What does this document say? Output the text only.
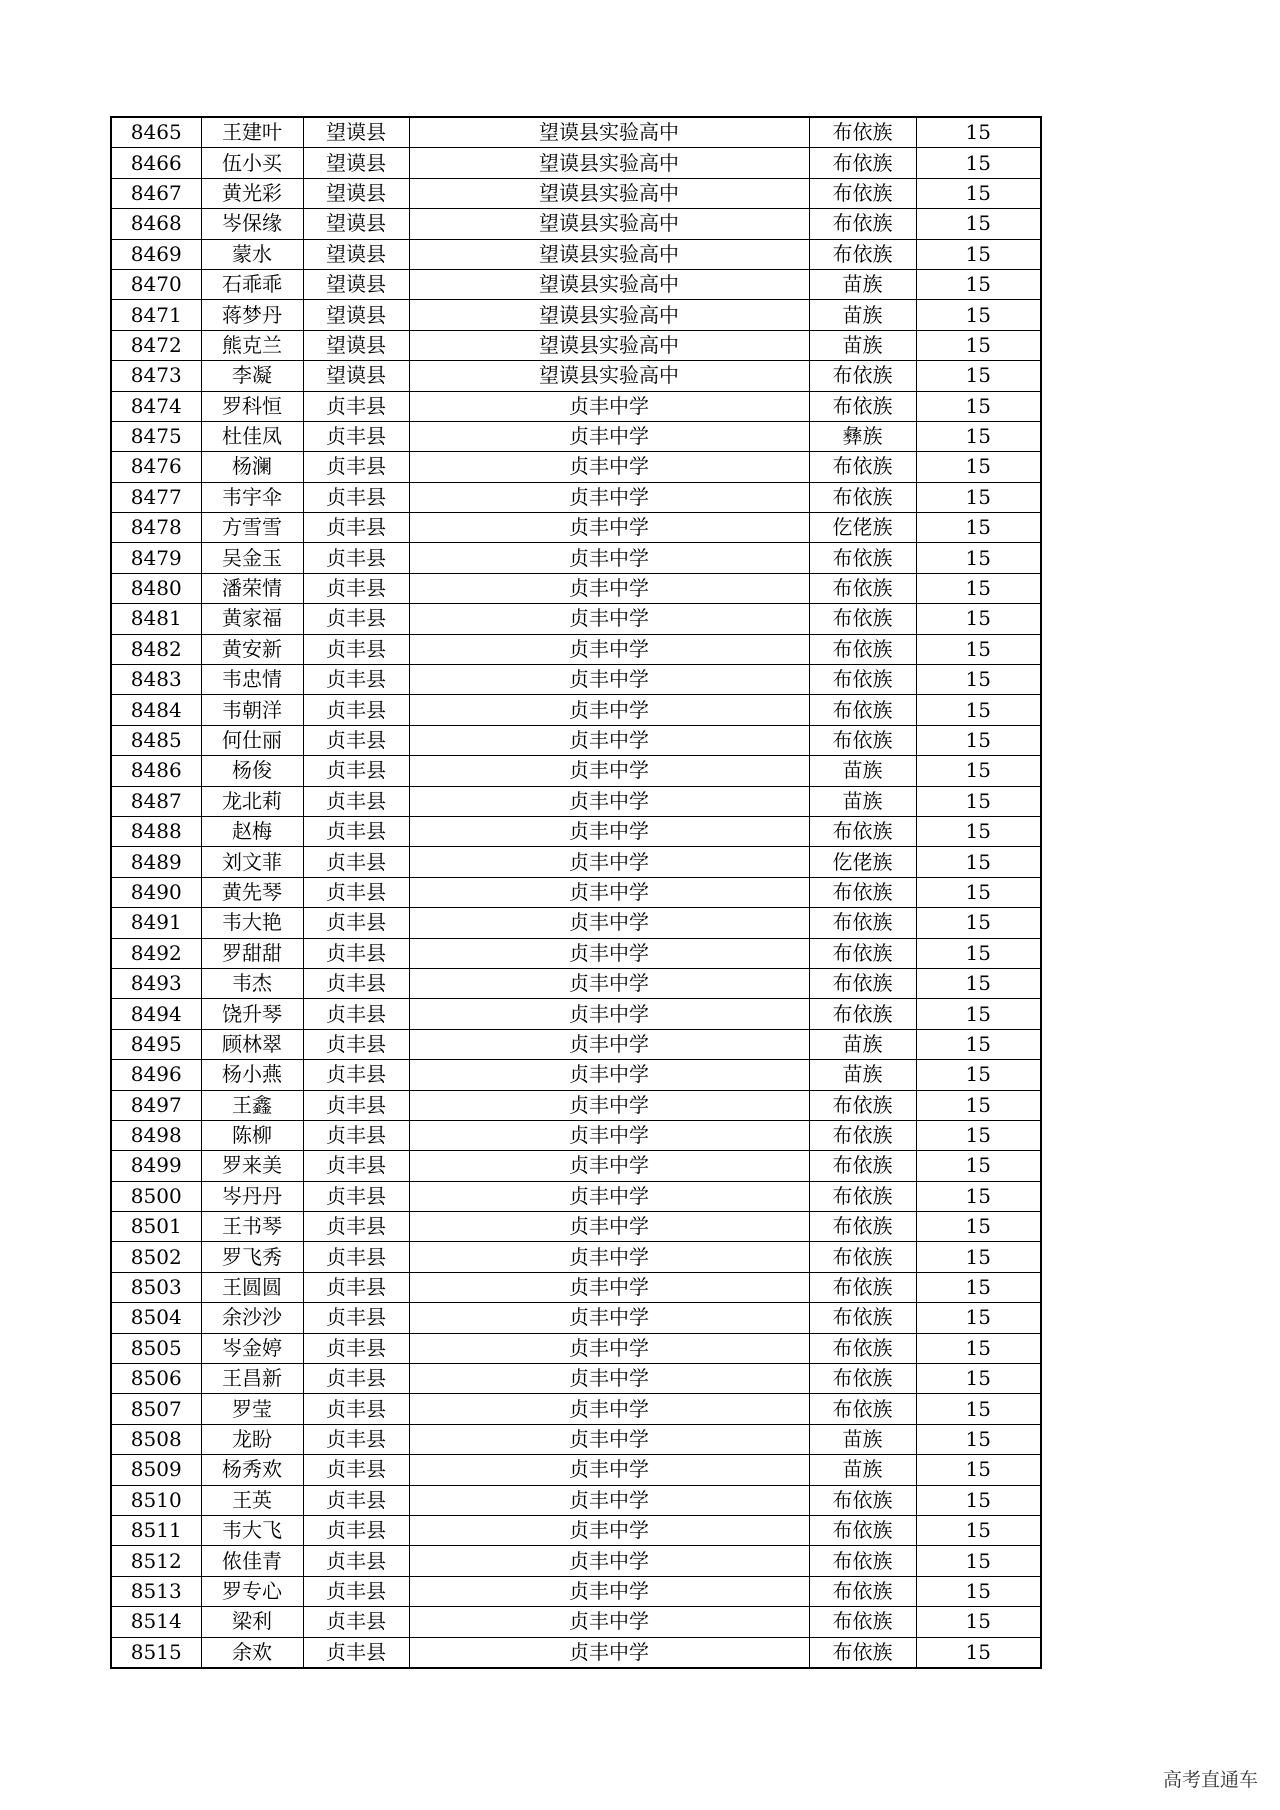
8465	王建叶	望谟县	望谟县实验高中	布依族	15
8466	伍小买	望谟县	望谟县实验高中	布依族	15
8467	黄光彩	望谟县	望谟县实验高中	布依族	15
8468	岑保缘	望谟县	望谟县实验高中	布依族	15
8469	蒙水	望谟县	望谟县实验高中	布依族	15
8470	石乖乖	望谟县	望谟县实验高中	苗族	15
8471	蒋梦丹	望谟县	望谟县实验高中	苗族	15
8472	熊克兰	望谟县	望谟县实验高中	苗族	15
8473	李凝	望谟县	望谟县实验高中	布依族	15
8474	罗科恒	贞丰县	贞丰中学	布依族	15
8475	杜佳凤	贞丰县	贞丰中学	彝族	15
8476	杨澜	贞丰县	贞丰中学	布依族	15
8477	韦宇伞	贞丰县	贞丰中学	布依族	15
8478	方雪雪	贞丰县	贞丰中学	仡佬族	15
8479	吴金玉	贞丰县	贞丰中学	布依族	15
8480	潘荣情	贞丰县	贞丰中学	布依族	15
8481	黄家福	贞丰县	贞丰中学	布依族	15
8482	黄安新	贞丰县	贞丰中学	布依族	15
8483	韦忠情	贞丰县	贞丰中学	布依族	15
8484	韦朝洋	贞丰县	贞丰中学	布依族	15
8485	何仕丽	贞丰县	贞丰中学	布依族	15
8486	杨俊	贞丰县	贞丰中学	苗族	15
8487	龙北莉	贞丰县	贞丰中学	苗族	15
8488	赵梅	贞丰县	贞丰中学	布依族	15
8489	刘文菲	贞丰县	贞丰中学	仡佬族	15
8490	黄先琴	贞丰县	贞丰中学	布依族	15
8491	韦大艳	贞丰县	贞丰中学	布依族	15
8492	罗甜甜	贞丰县	贞丰中学	布依族	15
8493	韦杰	贞丰县	贞丰中学	布依族	15
8494	饶升琴	贞丰县	贞丰中学	布依族	15
8495	顾林翠	贞丰县	贞丰中学	苗族	15
8496	杨小燕	贞丰县	贞丰中学	苗族	15
8497	王鑫	贞丰县	贞丰中学	布依族	15
8498	陈柳	贞丰县	贞丰中学	布依族	15
8499	罗来美	贞丰县	贞丰中学	布依族	15
8500	岑丹丹	贞丰县	贞丰中学	布依族	15
8501	王书琴	贞丰县	贞丰中学	布依族	15
8502	罗飞秀	贞丰县	贞丰中学	布依族	15
8503	王圆圆	贞丰县	贞丰中学	布依族	15
8504	余沙沙	贞丰县	贞丰中学	布依族	15
8505	岑金婷	贞丰县	贞丰中学	布依族	15
8506	王昌新	贞丰县	贞丰中学	布依族	15
8507	罗莹	贞丰县	贞丰中学	布依族	15
8508	龙盼	贞丰县	贞丰中学	苗族	15
8509	杨秀欢	贞丰县	贞丰中学	苗族	15
8510	王英	贞丰县	贞丰中学	布依族	15
8511	韦大飞	贞丰县	贞丰中学	布依族	15
8512	侬佳青	贞丰县	贞丰中学	布依族	15
8513	罗专心	贞丰县	贞丰中学	布依族	15
8514	梁利	贞丰县	贞丰中学	布依族	15
8515	余欢	贞丰县	贞丰中学	布依族	15
高考直通车
